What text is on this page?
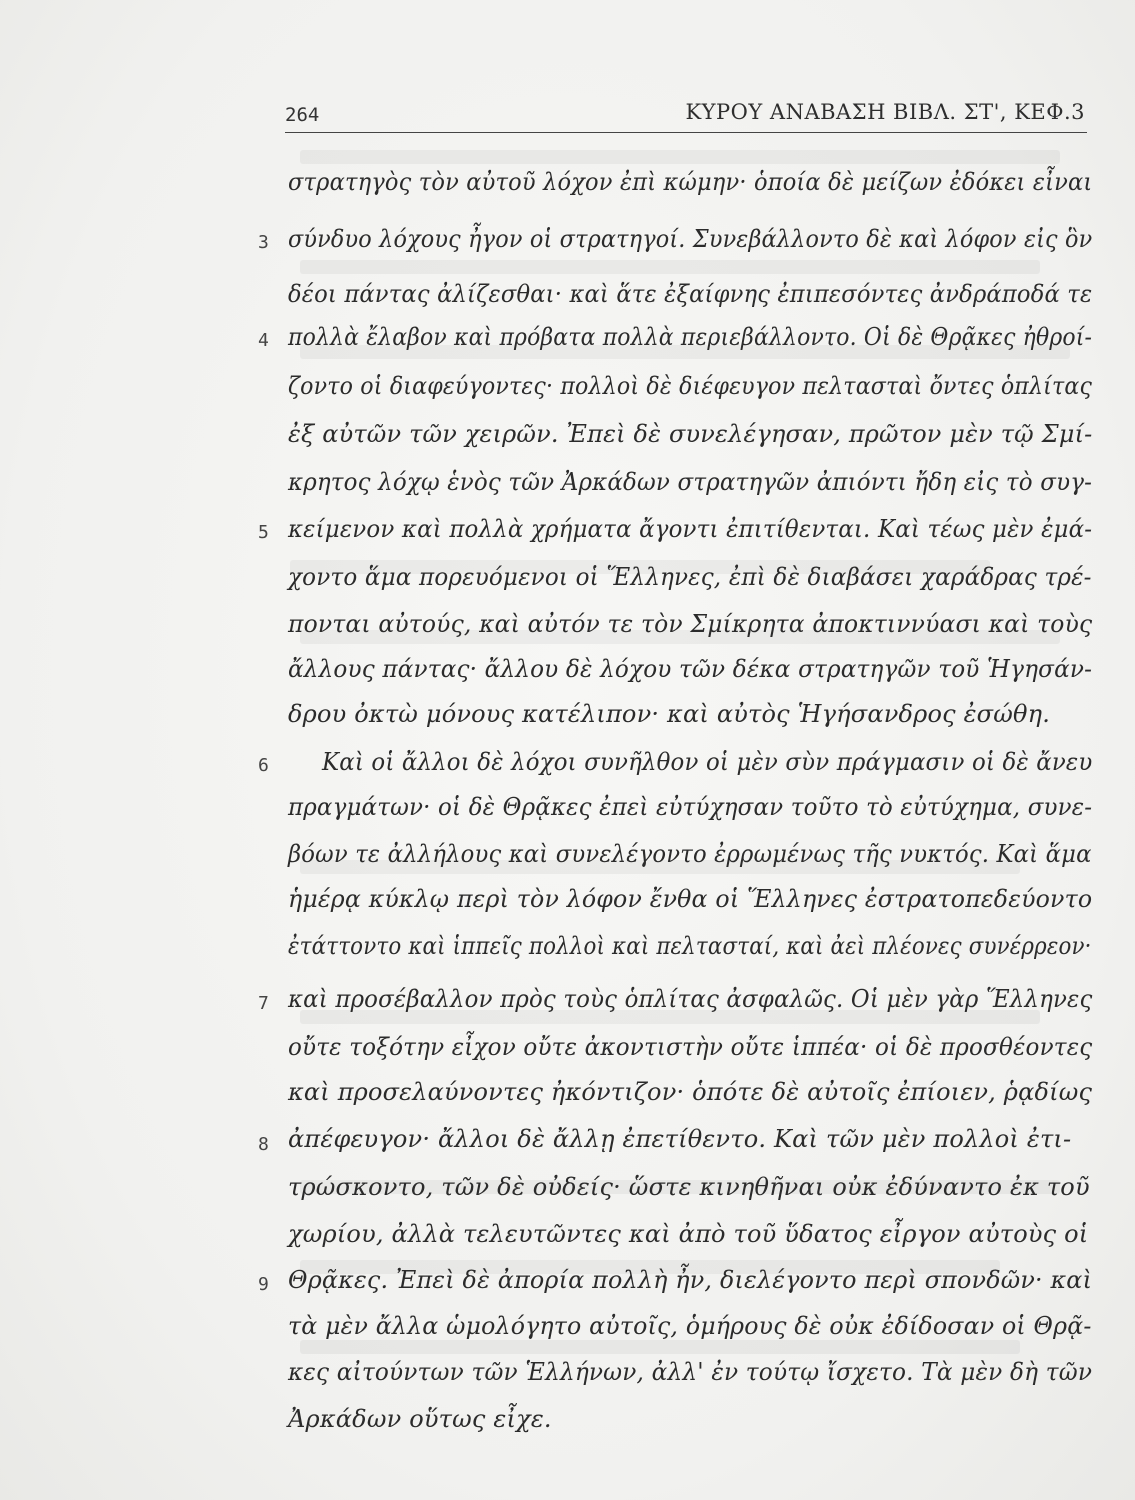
264	ΚΥΡΟΥ ΑΝΑΒΑΣΗ ΒΙΒΛ. ΣΤ', ΚΕΦ.3
στρατηγὸς τὸν αὐτοῦ λόχον ἐπὶ κώμην· ὁποία δὲ μείζων ἐδόκει εἶναι
3 σύνδυο λόχους ἦγον οἱ στρατηγοί. Συνεβάλλοντο δὲ καὶ λόφον εἰς ὃν
δέοι πάντας ἀλίζεσθαι· καὶ ἅτε ἐξαίφνης ἐπιπεσόντες ἀνδράποδά τε
4 πολλὰ ἔλαβον καὶ πρόβατα πολλὰ περιεβάλλοντο. Οἱ δὲ Θρᾷκες ἠθροί-
ζοντο οἱ διαφεύγοντες· πολλοὶ δὲ διέφευγον πελτασταὶ ὄντες ὁπλίτας
ἐξ αὐτῶν τῶν χειρῶν. Ἐπεὶ δὲ συνελέγησαν, πρῶτον μὲν τῷ Σμί-
κρητος λόχῳ ἑνὸς τῶν Ἀρκάδων στρατηγῶν ἀπιόντι ἤδη εἰς τὸ συγ-
5 κείμενον καὶ πολλὰ χρήματα ἄγοντι ἐπιτίθενται. Καὶ τέως μὲν ἐμά-
χοντο ἅμα πορευόμενοι οἱ Ἕλληνες, ἐπὶ δὲ διαβάσει χαράδρας τρέ-
πονται αὐτούς, καὶ αὐτόν τε τὸν Σμίκρητα ἀποκτιννύασι καὶ τοὺς
ἄλλους πάντας· ἄλλου δὲ λόχου τῶν δέκα στρατηγῶν τοῦ Ἡγησάν-
δρου ὀκτὼ μόνους κατέλιπον· καὶ αὐτὸς Ἡγήσανδρος ἐσώθη.
6 Καὶ οἱ ἄλλοι δὲ λόχοι συνῆλθον οἱ μὲν σὺν πράγμασιν οἱ δὲ ἄνευ
πραγμάτων· οἱ δὲ Θρᾷκες ἐπεὶ εὐτύχησαν τοῦτο τὸ εὐτύχημα, συνε-
βόων τε ἀλλήλους καὶ συνελέγοντο ἐρρωμένως τῆς νυκτός. Καὶ ἅμα
ἡμέρᾳ κύκλῳ περὶ τὸν λόφον ἔνθα οἱ Ἕλληνες ἐστρατοπεδεύοντο
ἐτάττοντο καὶ ἱππεῖς πολλοὶ καὶ πελτασταί, καὶ ἀεὶ πλέονες συνέρρεον·
7 καὶ προσέβαλλον πρὸς τοὺς ὁπλίτας ἀσφαλῶς. Οἱ μὲν γὰρ Ἕλληνες
οὔτε τοξότην εἶχον οὔτε ἀκοντιστὴν οὔτε ἱππέα· οἱ δὲ προσθέοντες
καὶ προσελαύνοντες ἠκόντιζον· ὁπότε δὲ αὐτοῖς ἐπίοιεν, ῥᾳδίως
8 ἀπέφευγον· ἄλλοι δὲ ἄλλῃ ἐπετίθεντο. Καὶ τῶν μὲν πολλοὶ ἐτι-
τρώσκοντο, τῶν δὲ οὐδείς· ὥστε κινηθῆναι οὐκ ἐδύναντο ἐκ τοῦ
χωρίου, ἀλλὰ τελευτῶντες καὶ ἀπὸ τοῦ ὕδατος εἶργον αὐτοὺς οἱ
9 Θρᾷκες. Ἐπεὶ δὲ ἀπορία πολλὴ ἦν, διελέγοντο περὶ σπονδῶν· καὶ
τὰ μὲν ἄλλα ὡμολόγητο αὐτοῖς, ὁμήρους δὲ οὐκ ἐδίδοσαν οἱ Θρᾷ-
κες αἰτούντων τῶν Ἑλλήνων, ἀλλ' ἐν τούτῳ ἴσχετο. Τὰ μὲν δὴ τῶν
Ἀρκάδων οὕτως εἶχε.
